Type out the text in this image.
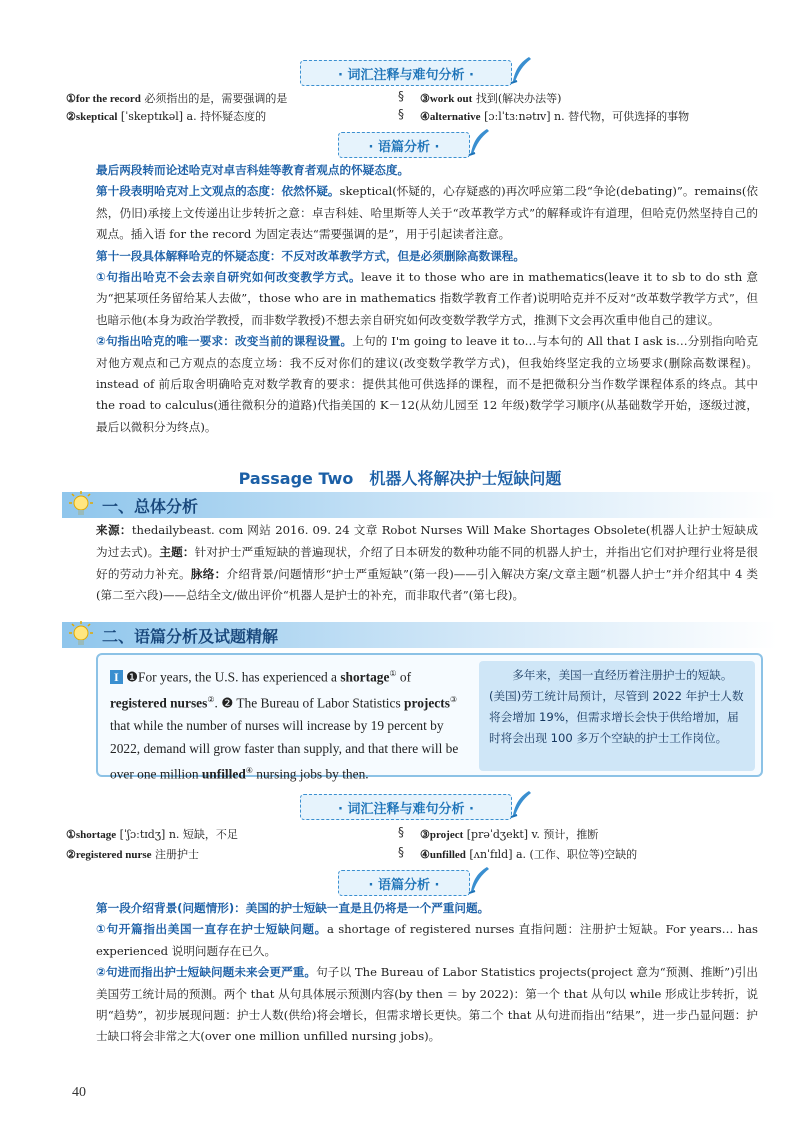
· 词汇注释与难句分析 ·
①for the record 必须指出的是，需要强调的是
②skeptical [ˈskeptɪkəl] a. 持怀疑态度的
§
§
③work out 找到(解决办法等)
④alternative [ɔːlˈtɜːnətɪv] n. 替代物，可供选择的事物
· 语篇分析 ·
最后两段转而论述哈克对卓吉科娃等教育者观点的怀疑态度。
第十段表明哈克对上文观点的态度：依然怀疑。skeptical(怀疑的，心存疑惑的)再次呼应第二段“争论(debating)”。remains(依然，仍旧)承接上文传递出让步转折之意：卓吉科娃、哈里斯等人关于“改革教学方式”的解释或许有道理，但哈克仍然坚持自己的观点。插入语 for the record 为固定表达“需要强调的是”，用于引起读者注意。
第十一段具体解释哈克的怀疑态度：不反对改革教学方式，但是必须删除高数课程。
①句指出哈克不会去亲自研究如何改变教学方式。leave it to those who are in mathematics(leave it to sb to do sth 意为“把某项任务留给某人去做”，those who are in mathematics 指数学教育工作者)说明哈克并不反对“改革数学教学方式”，但也暗示他(本身为政治学教授，而非数学教授)不想去亲自研究如何改变数学教学方式，推测下文会再次重申他自己的建议。
②句指出哈克的唯一要求：改变当前的课程设置。上句的 I'm going to leave it to…与本句的 All that I ask is…分别指向哈克对他方观点和己方观点的态度立场：我不反对你们的建议(改变数学教学方式)，但我始终坚定我的立场要求(删除高数课程)。instead of 前后取舍明确哈克对数学教育的要求：提供其他可供选择的课程，而不是把微积分当作数学课程体系的终点。其中 the road to calculus(通往微积分的道路)代指美国的 K－12(从幼儿园至 12 年级)数学学习顺序(从基础数学开始，逐级过渡，最后以微积分为终点)。
Passage Two　机器人将解决护士短缺问题
一、总体分析
来源：thedailybeast. com 网站 2016. 09. 24 文章 Robot Nurses Will Make Shortages Obsolete(机器人让护士短缺成为过去式)。主题：针对护士严重短缺的普遍现状，介绍了日本研发的数种功能不同的机器人护士，并指出它们对护理行业将是很好的劳动力补充。脉络：介绍背景/问题情形“护士严重短缺”(第一段)——引入解决方案/文章主题“机器人护士”并介绍其中 4 类(第二至六段)——总结全文/做出评价“机器人是护士的补充，而非取代者”(第七段)。
二、语篇分析及试题精解
I ❶For years, the U.S. has experienced a shortage① of registered nurses②. ❷ The Bureau of Labor Statistics projects③ that while the number of nurses will increase by 19 percent by 2022, demand will grow faster than supply, and that there will be over one million unfilled④ nursing jobs by then.
多年来，美国一直经历着注册护士的短缺。(美国)劳工统计局预计，尽管到 2022 年护士人数将会增加 19%，但需求增长会快于供给增加，届时将会出现 100 多万个空缺的护士工作岗位。
· 词汇注释与难句分析 ·
①shortage [ˈʃɔːtɪdʒ] n. 短缺，不足
②registered nurse 注册护士
§
§
③project [prəˈdʒekt] v. 预计，推断
④unfilled [ʌnˈfɪld] a. (工作、职位等)空缺的
· 语篇分析 ·
第一段介绍背景(问题情形)：美国的护士短缺一直是且仍将是一个严重问题。
①句开篇指出美国一直存在护士短缺问题。a shortage of registered nurses 直指问题：注册护士短缺。For years… has experienced 说明问题存在已久。
②句进而指出护士短缺问题未来会更严重。句子以 The Bureau of Labor Statistics projects(project 意为“预测、推断”)引出美国劳工统计局的预测。两个 that 从句具体展示预测内容(by then ＝ by 2022)：第一个 that 从句以 while 形成让步转折，说明“趋势”，初步展现问题：护士人数(供给)将会增长，但需求增长更快。第二个 that 从句进而指出“结果”，进一步凸显问题：护士缺口将会非常之大(over one million unfilled nursing jobs)。
40
